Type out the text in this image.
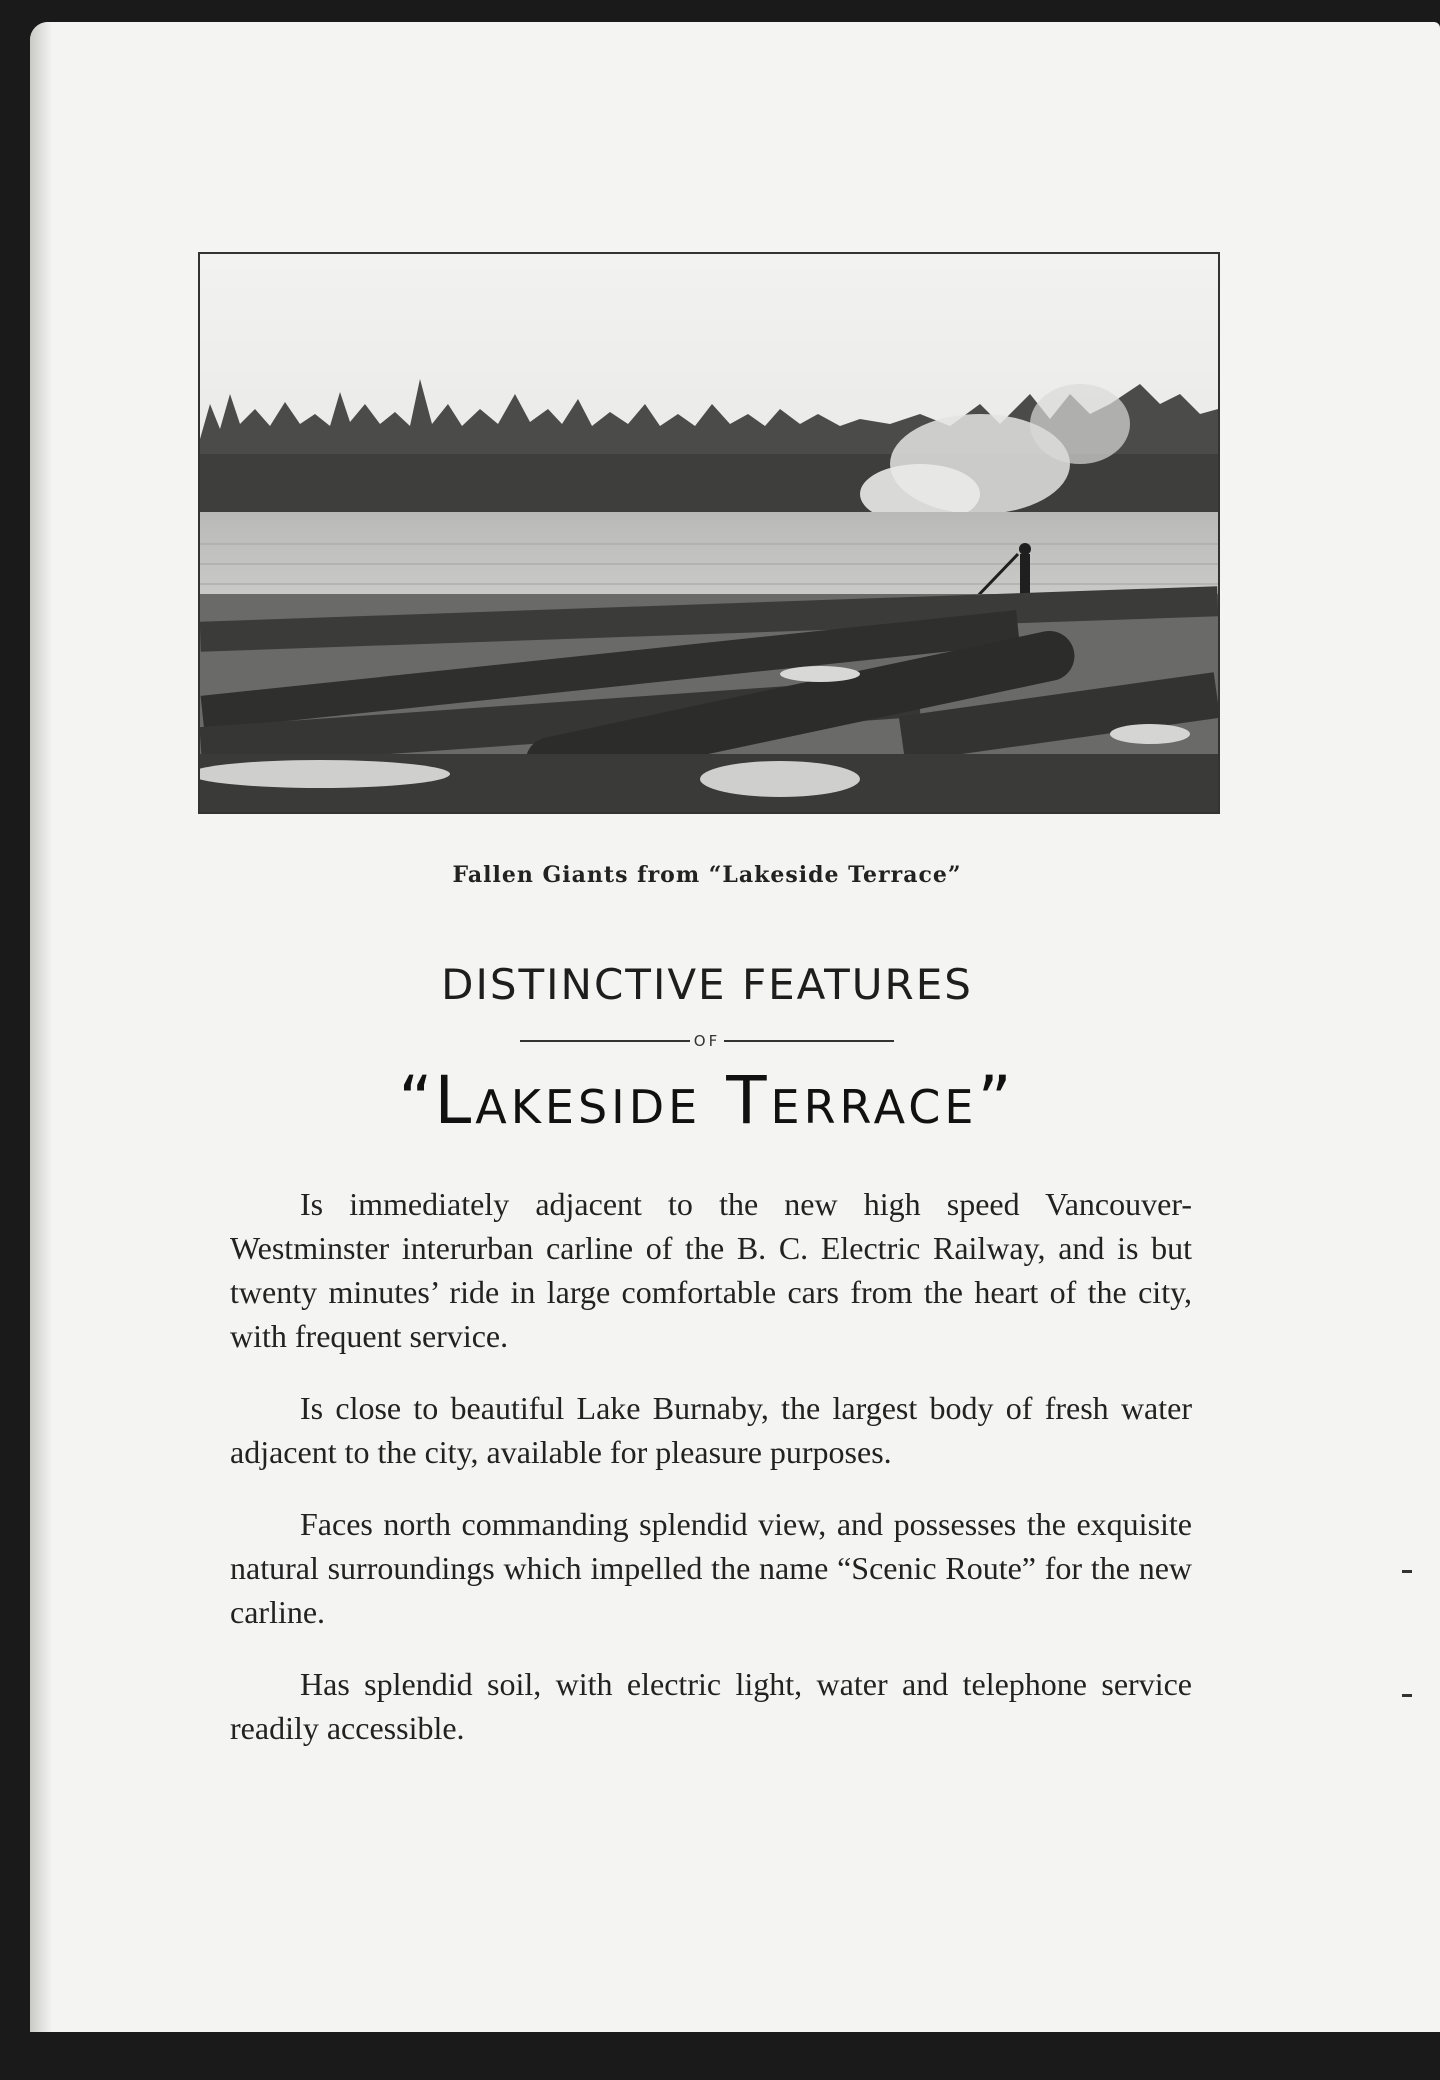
Fallen Giants from “Lakeside Terrace”
DISTINCTIVE FEATURES
OF
“Lakeside Terrace”

Is immediately adjacent to the new high speed Vancouver-Westminster interurban carline of the B. C. Electric Railway, and is but twenty minutes’ ride in large comfortable cars from the heart of the city, with frequent service.

Is close to beautiful Lake Burnaby, the largest body of fresh water adjacent to the city, available for pleasure purposes.

Faces north commanding splendid view, and possesses the exquisite natural surroundings which impelled the name “Scenic Route” for the new carline.

Has splendid soil, with electric light, water and telephone service readily accessible.
